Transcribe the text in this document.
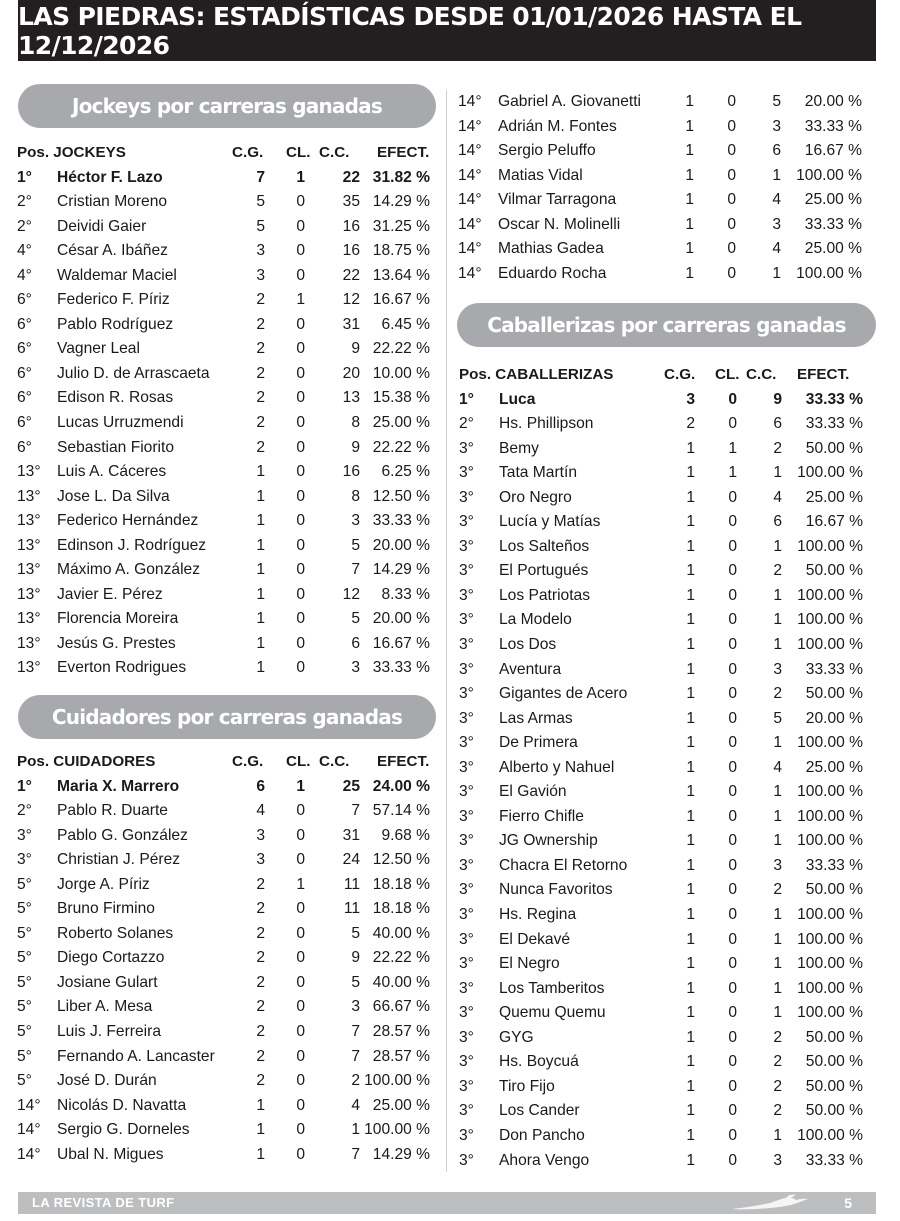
LAS PIEDRAS: ESTADÍSTICAS DESDE 01/01/2026 HASTA EL 12/12/2026
Jockeys por carreras ganadas
Pos. JOCKEYS	C.G.	CL. C.C. EFECT.
1° Héctor F. Lazo	7 1 22 31.82 %
2° Cristian Moreno	5 0 35 14.29 %
2° Deividi Gaier	5 0 16 31.25 %
4° César A. Ibáñez	3 0 16 18.75 %
4° Waldemar Maciel	3 0 22 13.64 %
6° Federico F. Píriz	2 1 12 16.67 %
6° Pablo Rodríguez	2 0 31 6.45 %
6° Vagner Leal	2 0	9 22.22 %
6° Julio D. de Arrascaeta	2 0 20 10.00 %
6° Edison R. Rosas	2 0 13 15.38 %
6° Lucas Urruzmendi	2 0	8 25.00 %
6° Sebastian Fiorito	2 0	9 22.22 %
13° Luis A. Cáceres	1 0 16 6.25 %
13° Jose L. Da Silva	1 0	8 12.50 %
13° Federico Hernández	1 0	3 33.33 %
13° Edinson J. Rodríguez	1 0	5 20.00 %
13° Máximo A. González	1 0	7 14.29 %
13° Javier E. Pérez	1 0 12 8.33 %
13° Florencia Moreira	1 0	5 20.00 %
13° Jesús G. Prestes	1 0	6 16.67 %
13° Everton Rodrigues	1 0	3 33.33 %
Cuidadores por carreras ganadas
Pos. CUIDADORES	C.G.	CL. C.C. EFECT.
1° Maria X. Marrero	6 1 25 24.00 %
2° Pablo R. Duarte	4 0	7 57.14 %
3° Pablo G. González	3 0 31 9.68 %
3° Christian J. Pérez	3 0 24 12.50 %
5° Jorge A. Píriz	2 1 11 18.18 %
5° Bruno Firmino	2 0 11 18.18 %
5° Roberto Solanes	2 0	5 40.00 %
5° Diego Cortazzo	2 0	9 22.22 %
5° Josiane Gulart	2 0	5 40.00 %
5° Liber A. Mesa	2 0	3 66.67 %
5° Luis J. Ferreira	2 0	7 28.57 %
5° Fernando A. Lancaster	2 0	7 28.57 %
5° José D. Durán	2 0	2 100.00 %
14° Nicolás D. Navatta	1 0	4 25.00 %
14° Sergio G. Dorneles	1 0	1 100.00 %
14° Ubal N. Migues	1 0	7 14.29 %
14° Gabriel A. Giovanetti	1 0 5 20.00 %
14° Adrián M. Fontes	1 0 3 33.33 %
14° Sergio Peluffo	1 0 6 16.67 %
14° Matias Vidal	1 0 1 100.00 %
14° Vilmar Tarragona	1 0 4 25.00 %
14° Oscar N. Molinelli	1 0 3 33.33 %
14° Mathias Gadea	1 0 4 25.00 %
14° Eduardo Rocha	1 0 1 100.00 %
Caballerizas por carreras ganadas
Pos. CABALLERIZAS	C.G.	CL. C.C. EFECT.
1° Luca	3 0 9 33.33 %
2° Hs. Phillipson	2 0 6 33.33 %
3° Bemy	1 1 2 50.00 %
3° Tata Martín	1 1 1 100.00 %
3° Oro Negro	1 0 4 25.00 %
3° Lucía y Matías	1 0 6 16.67 %
3° Los Salteños	1 0 1 100.00 %
3° El Portugués	1 0 2 50.00 %
3° Los Patriotas	1 0 1 100.00 %
3° La Modelo	1 0 1 100.00 %
3° Los Dos	1 0 1 100.00 %
3° Aventura	1 0 3 33.33 %
3° Gigantes de Acero	1 0 2 50.00 %
3° Las Armas	1 0 5 20.00 %
3° De Primera	1 0 1 100.00 %
3° Alberto y Nahuel	1 0 4 25.00 %
3° El Gavión	1 0 1 100.00 %
3° Fierro Chifle	1 0 1 100.00 %
3° JG Ownership	1 0 1 100.00 %
3° Chacra El Retorno	1 0 3 33.33 %
3° Nunca Favoritos	1 0 2 50.00 %
3° Hs. Regina	1 0 1 100.00 %
3° El Dekavé	1 0 1 100.00 %
3° El Negro	1 0 1 100.00 %
3° Los Tamberitos	1 0 1 100.00 %
3° Quemu Quemu	1 0 1 100.00 %
3° GYG	1 0 2 50.00 %
3° Hs. Boycuá	1 0 2 50.00 %
3° Tiro Fijo	1 0 2 50.00 %
3° Los Cander	1 0 2 50.00 %
3° Don Pancho	1 0 1 100.00 %
3° Ahora Vengo	1 0 3 33.33 %
LA REVISTA DE TURF	5
